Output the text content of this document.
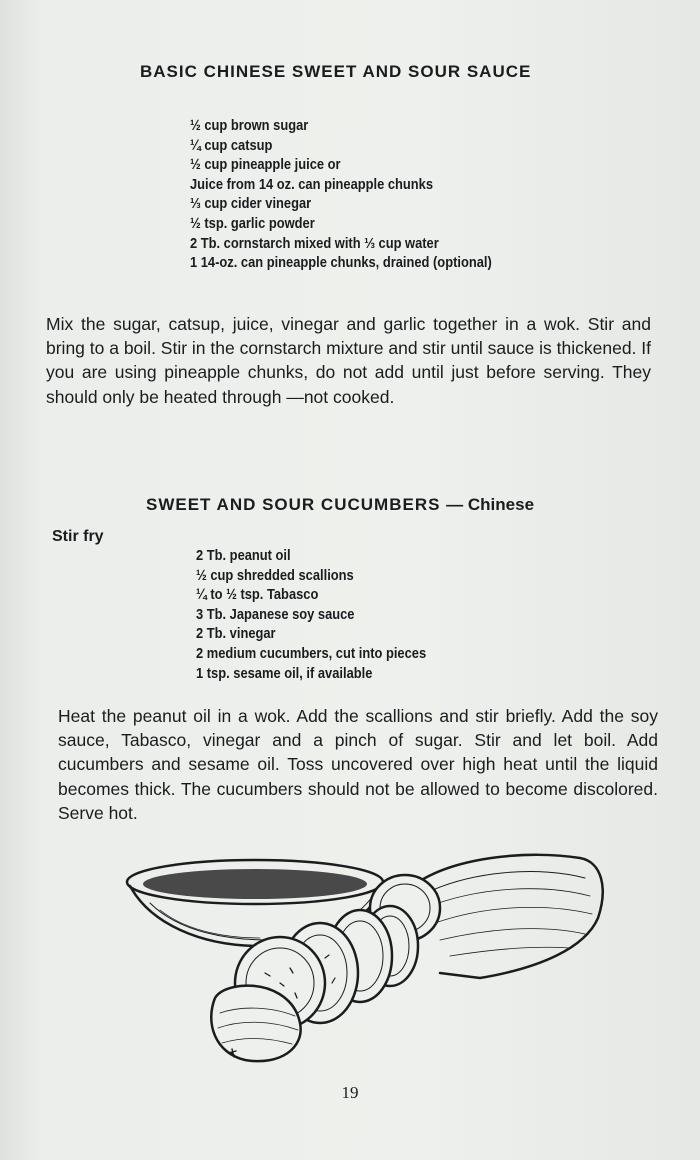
BASIC CHINESE SWEET AND SOUR SAUCE
½ cup brown sugar
¼ cup catsup
½ cup pineapple juice or
Juice from 14 oz. can pineapple chunks
⅓ cup cider vinegar
½ tsp. garlic powder
2 Tb. cornstarch mixed with ⅓ cup water
1 14-oz. can pineapple chunks, drained (optional)

Mix the sugar, catsup, juice, vinegar and garlic together in a wok. Stir and bring to a boil. Stir in the cornstarch mixture and stir until sauce is thickened. If you are using pineapple chunks, do not add until just before serving. They should only be heated through —not cooked.

SWEET AND SOUR CUCUMBERS — Chinese
Stir fry
2 Tb. peanut oil
½ cup shredded scallions
¼ to ½ tsp. Tabasco
3 Tb. Japanese soy sauce
2 Tb. vinegar
2 medium cucumbers, cut into pieces
1 tsp. sesame oil, if available

Heat the peanut oil in a wok. Add the scallions and stir briefly. Add the soy sauce, Tabasco, vinegar and a pinch of sugar. Stir and let boil. Add cucumbers and sesame oil. Toss uncovered over high heat until the liquid becomes thick. The cucumbers should not be allowed to become discolored. Serve hot.

19
